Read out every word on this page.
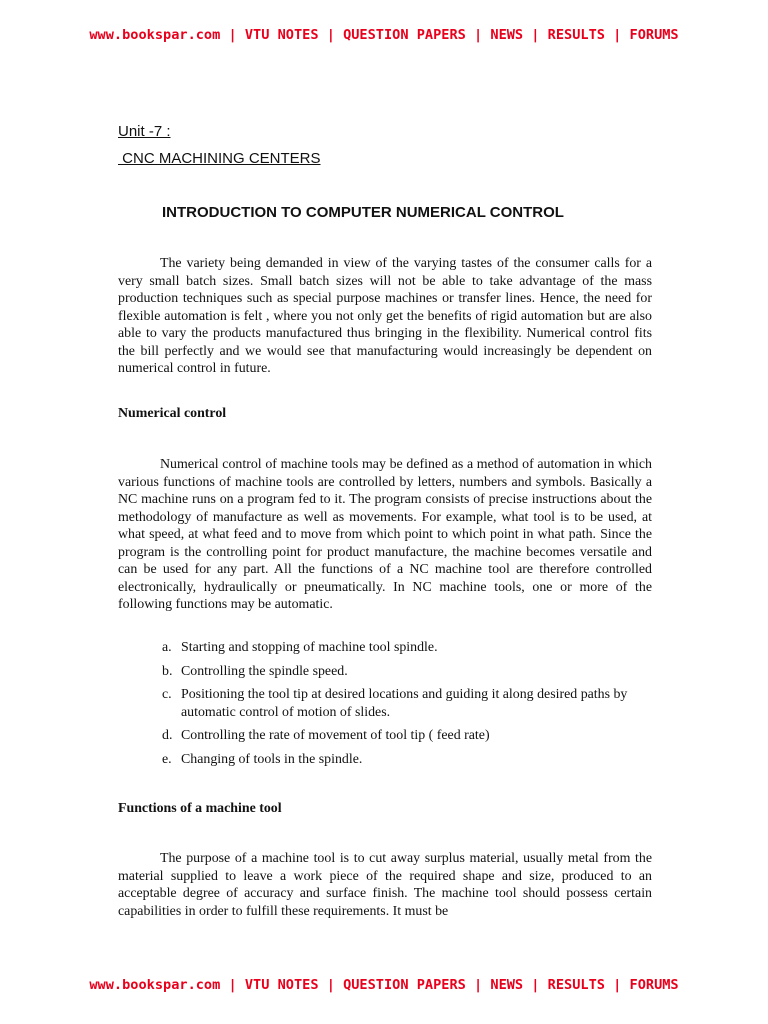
www.bookspar.com | VTU NOTES | QUESTION PAPERS | NEWS | RESULTS | FORUMS
Unit -7 :
CNC MACHINING CENTERS
INTRODUCTION TO COMPUTER NUMERICAL CONTROL

The variety being demanded in view of the varying tastes of the consumer calls for a very small batch sizes. Small batch sizes will not be able to take advantage of the mass production techniques such as special purpose machines or transfer lines. Hence, the need for flexible automation is felt , where you not only get the benefits of rigid automation but are also able to vary the products manufactured thus bringing in the flexibility. Numerical control fits the bill perfectly and we would see that manufacturing would increasingly be dependent on numerical control in future.

Numerical control

Numerical control of machine tools may be defined as a method of automation in which various functions of machine tools are controlled by letters, numbers and symbols. Basically a NC machine runs on a program fed to it. The program consists of precise instructions about the methodology of manufacture as well as movements. For example, what tool is to be used, at what speed, at what feed and to move from which point to which point in what path. Since the program is the controlling point for product manufacture, the machine becomes versatile and can be used for any part. All the functions of a NC machine tool are therefore controlled electronically, hydraulically or pneumatically. In NC machine tools, one or more of the following functions may be automatic.

a. Starting and stopping of machine tool spindle.
b. Controlling the spindle speed.
c. Positioning the tool tip at desired locations and guiding it along desired paths by automatic control of motion of slides.
d. Controlling the rate of movement of tool tip ( feed rate)
e. Changing of tools in the spindle.
Functions of a machine tool

The purpose of a machine tool is to cut away surplus material, usually metal from the material supplied to leave a work piece of the required shape and size, produced to an acceptable degree of accuracy and surface finish. The machine tool should possess certain capabilities in order to fulfill these requirements. It must be

www.bookspar.com | VTU NOTES | QUESTION PAPERS | NEWS | RESULTS | FORUMS
